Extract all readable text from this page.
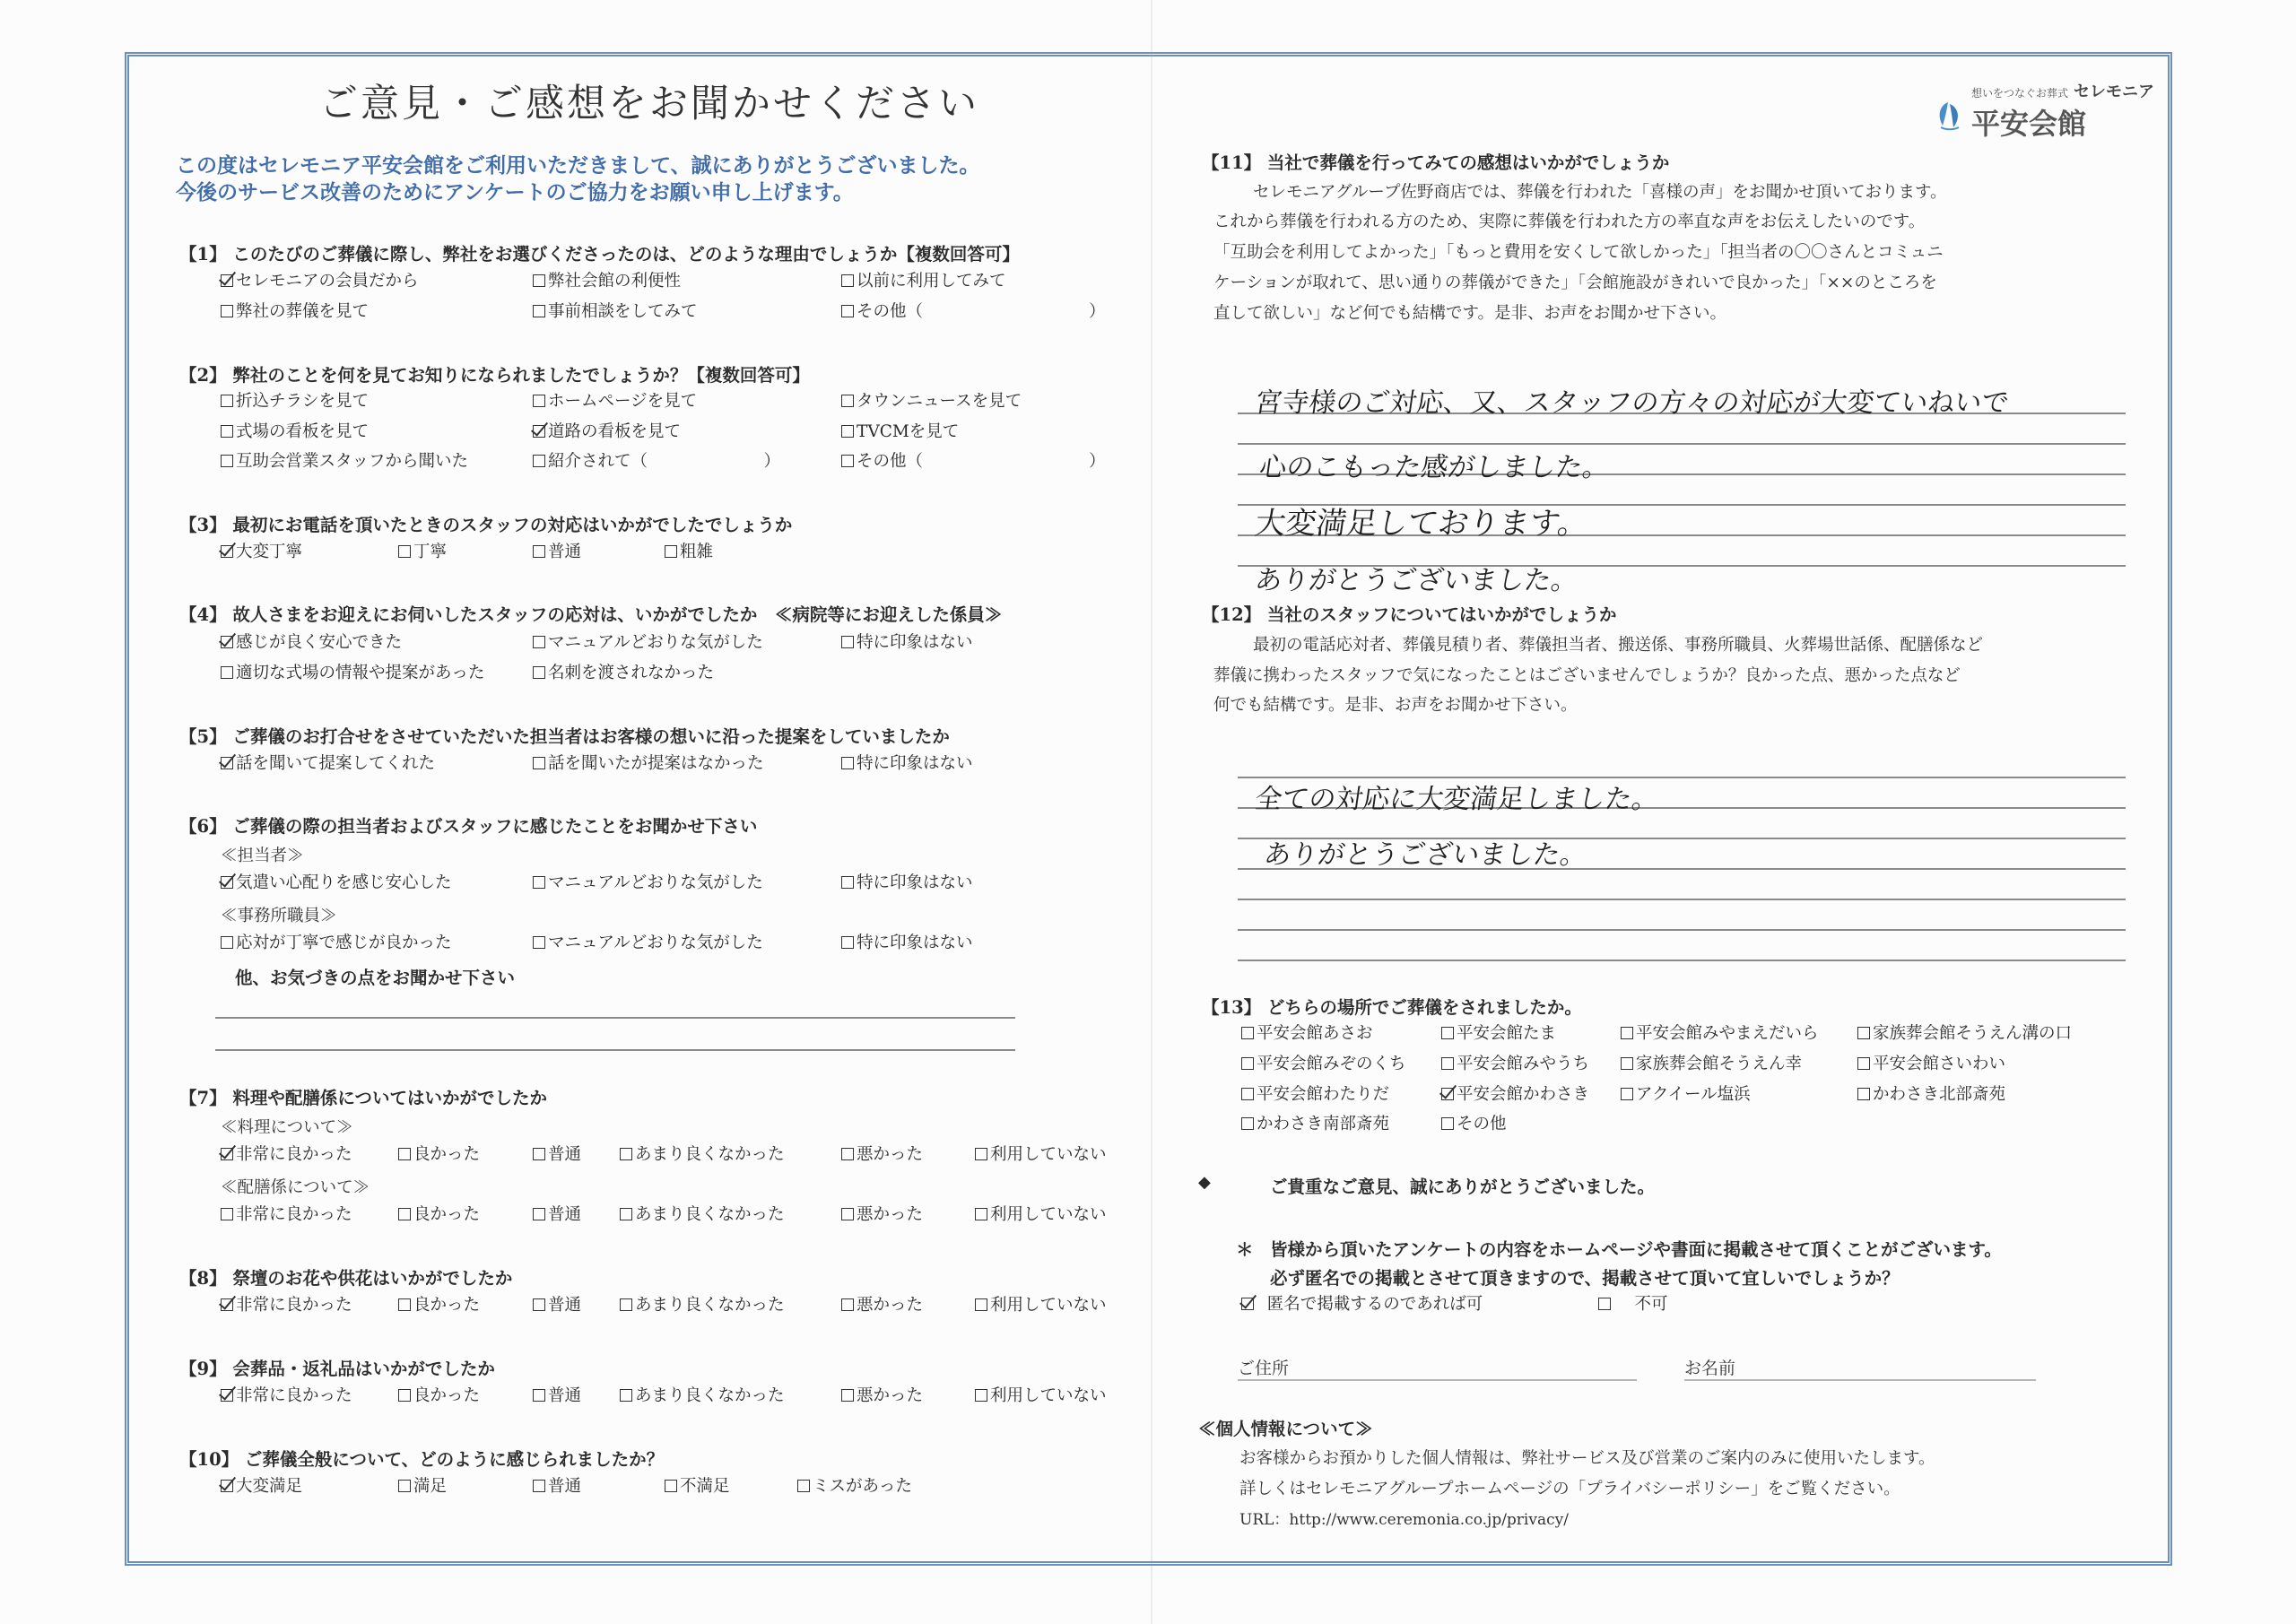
ご意見・ご感想をお聞かせください
この度はセレモニア平安会館をご利用いただきまして、誠にありがとうございました。
今後のサービス改善のためにアンケートのご協力をお願い申し上げます。
【1】 このたびのご葬儀に際し、弊社をお選びくださったのは、どのような理由でしょうか【複数回答可】
セレモニアの会員だから	弊社会館の利便性	以前に利用してみて
弊社の葬儀を見て	事前相談をしてみて	その他（　　　　　　　　　　）
【2】 弊社のことを何を見てお知りになられましたでしょうか？【複数回答可】
折込チラシを見て	ホームページを見て	タウンニュースを見て
式場の看板を見て	道路の看板を見て	TVCMを見て
互助会営業スタッフから聞いた	紹介されて（　　　　　　　）	その他（　　　　　　　　　　）
【3】 最初にお電話を頂いたときのスタッフの対応はいかがでしたでしょうか
大変丁寧	丁寧	普通	粗雑
【4】 故人さまをお迎えにお伺いしたスタッフの応対は、いかがでしたか　≪病院等にお迎えした係員≫
感じが良く安心できた	マニュアルどおりな気がした	特に印象はない
適切な式場の情報や提案があった	名刺を渡されなかった
【5】 ご葬儀のお打合せをさせていただいた担当者はお客様の想いに沿った提案をしていましたか
話を聞いて提案してくれた	話を聞いたが提案はなかった	特に印象はない
【6】 ご葬儀の際の担当者およびスタッフに感じたことをお聞かせ下さい
≪担当者≫
気遣い心配りを感じ安心した	マニュアルどおりな気がした	特に印象はない
≪事務所職員≫
応対が丁寧で感じが良かった	マニュアルどおりな気がした	特に印象はない
他、お気づきの点をお聞かせ下さい
【7】 料理や配膳係についてはいかがでしたか
≪料理について≫
非常に良かった	良かった	普通	あまり良くなかった	悪かった	利用していない
≪配膳係について≫
非常に良かった	良かった	普通	あまり良くなかった	悪かった	利用していない
【8】 祭壇のお花や供花はいかがでしたか
非常に良かった	良かった	普通	あまり良くなかった	悪かった	利用していない
【9】 会葬品・返礼品はいかがでしたか
非常に良かった	良かった	普通	あまり良くなかった	悪かった	利用していない
【10】 ご葬儀全般について、どのように感じられましたか？
大変満足	満足	普通	不満足	ミスがあった
想いをつなぐお葬式 セレモニア
平安会館
【11】 当社で葬儀を行ってみての感想はいかがでしょうか
セレモニアグループ佐野商店では、葬儀を行われた「喜様の声」をお聞かせ頂いております。
これから葬儀を行われる方のため、実際に葬儀を行われた方の率直な声をお伝えしたいのです。
「互助会を利用してよかった」「もっと費用を安くして欲しかった」「担当者の〇〇さんとコミュニ
ケーションが取れて、思い通りの葬儀ができた」「会館施設がきれいで良かった」「××のところを
直して欲しい」など何でも結構です。是非、お声をお聞かせ下さい。
宮寺様のご対応、又、スタッフの方々の対応が大変ていねいで
心のこもった感がしました。
大変満足しております。
ありがとうございました。
【12】 当社のスタッフについてはいかがでしょうか
最初の電話応対者、葬儀見積り者、葬儀担当者、搬送係、事務所職員、火葬場世話係、配膳係など
葬儀に携わったスタッフで気になったことはございませんでしょうか？良かった点、悪かった点など
何でも結構です。是非、お声をお聞かせ下さい。
全ての対応に大変満足しました。
ありがとうございました。
【13】 どちらの場所でご葬儀をされましたか。
平安会館あさお	平安会館たま	平安会館みやまえだいら	家族葬会館そうえん溝の口
平安会館みぞのくち	平安会館みやうち	家族葬会館そうえん幸	平安会館さいわい
平安会館わたりだ	平安会館かわさき	アクイール塩浜	かわさき北部斎苑
かわさき南部斎苑	その他
◆	ご貴重なご意見、誠にありがとうございました。
＊ 皆様から頂いたアンケートの内容をホームページや書面に掲載させて頂くことがございます。
必ず匿名での掲載とさせて頂きますので、掲載させて頂いて宜しいでしょうか？
匿名で掲載するのであれば可	不可
ご住所	お名前
≪個人情報について≫
お客様からお預かりした個人情報は、弊社サービス及び営業のご案内のみに使用いたします。
詳しくはセレモニアグループホームページの「プライバシーポリシー」をご覧ください。
URL：http://www.ceremonia.co.jp/privacy/
